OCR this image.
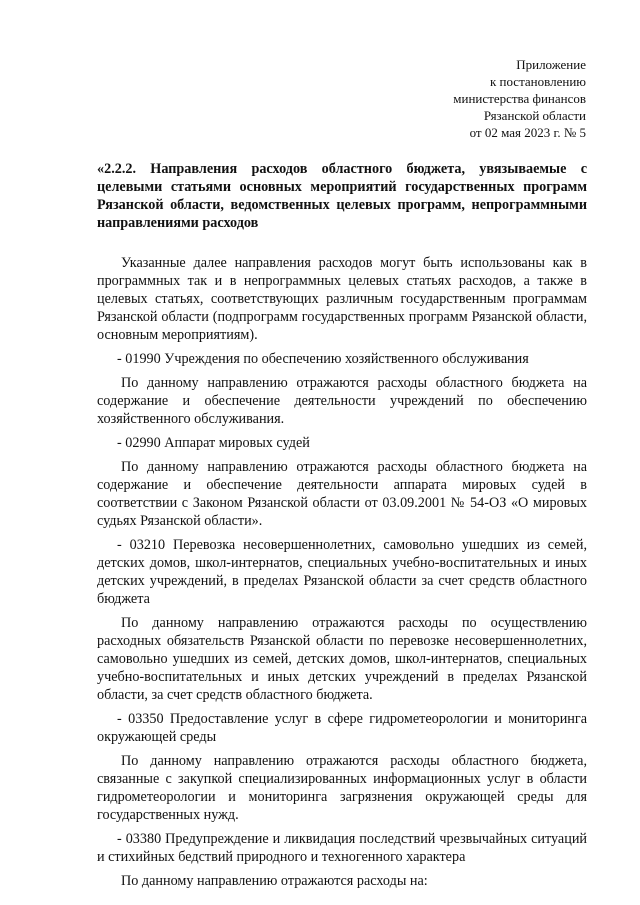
Приложение
к постановлению
министерства финансов
Рязанской области
от 02 мая 2023 г. № 5
«2.2.2. Направления расходов областного бюджета, увязываемые с целевыми статьями основных мероприятий государственных программ Рязанской области, ведомственных целевых программ, непрограммными направлениями расходов

Указанные далее направления расходов могут быть использованы как в программных так и в непрограммных целевых статьях расходов, а также в целевых статьях, соответствующих различным государственным программам Рязанской области (подпрограмм государственных программ Рязанской области, основным мероприятиям).

- 01990 Учреждения по обеспечению хозяйственного обслуживания

По данному направлению отражаются расходы областного бюджета на содержание и обеспечение деятельности учреждений по обеспечению хозяйственного обслуживания.

- 02990 Аппарат мировых судей

По данному направлению отражаются расходы областного бюджета на содержание и обеспечение деятельности аппарата мировых судей в соответствии с Законом Рязанской области от 03.09.2001 № 54-ОЗ «О мировых судьях Рязанской области».

- 03210 Перевозка несовершеннолетних, самовольно ушедших из семей, детских домов, школ-интернатов, специальных учебно-воспитательных и иных детских учреждений, в пределах Рязанской области за счет средств областного бюджета

По данному направлению отражаются расходы по осуществлению расходных обязательств Рязанской области по перевозке несовершеннолетних, самовольно ушедших из семей, детских домов, школ-интернатов, специальных учебно-воспитательных и иных детских учреждений в пределах Рязанской области, за счет средств областного бюджета.

- 03350 Предоставление услуг в сфере гидрометеорологии и мониторинга окружающей среды

По данному направлению отражаются расходы областного бюджета, связанные с закупкой специализированных информационных услуг в области гидрометеорологии и мониторинга загрязнения окружающей среды для государственных нужд.

- 03380 Предупреждение и ликвидация последствий чрезвычайных ситуаций и стихийных бедствий природного и техногенного характера

По данному направлению отражаются расходы на:
